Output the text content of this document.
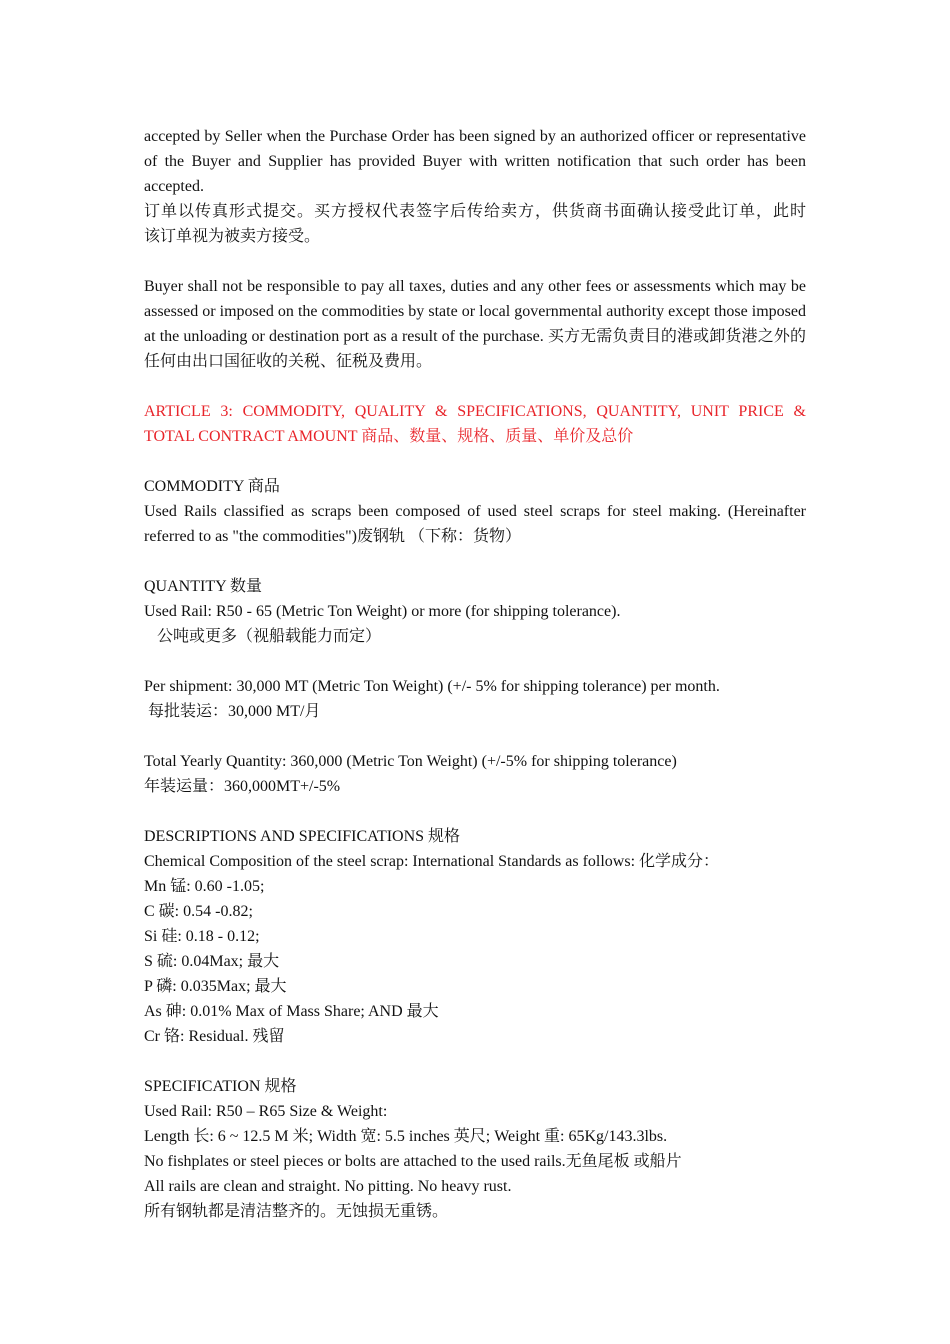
accepted by Seller when the Purchase Order has been signed by an authorized officer or representative of the Buyer and Supplier has provided Buyer with written notification that such order has been accepted.
订单以传真形式提交。买方授权代表签字后传给卖方，供货商书面确认接受此订单，此时
该订单视为被卖方接受。
Buyer shall not be responsible to pay all taxes, duties and any other fees or assessments which may be assessed or imposed on the commodities by state or local governmental authority except those imposed at the unloading or destination port as a result of the purchase. 买方无需负责目的港或卸货港之外的任何由出口国征收的关税、征税及费用。
ARTICLE 3: COMMODITY, QUALITY & SPECIFICATIONS, QUANTITY, UNIT PRICE &
TOTAL CONTRACT AMOUNT 商品、数量、规格、质量、单价及总价
COMMODITY 商品
Used Rails classified as scraps been composed of used steel scraps for steel making. (Hereinafter referred to as "the commodities")废钢轨 （下称：货物）
QUANTITY 数量
Used Rail: R50 - 65 (Metric Ton Weight) or more (for shipping tolerance).
公吨或更多（视船载能力而定）
Per shipment: 30,000 MT (Metric Ton Weight) (+/- 5% for shipping tolerance) per month.
每批装运：30,000 MT/月
Total Yearly Quantity: 360,000 (Metric Ton Weight) (+/-5% for shipping tolerance)
年装运量：360,000MT+/-5%
DESCRIPTIONS AND SPECIFICATIONS 规格
Chemical Composition of the steel scrap: International Standards as follows: 化学成分：
Mn 锰: 0.60 -1.05;
C 碳: 0.54 -0.82;
Si 硅: 0.18 - 0.12;
S 硫: 0.04Max; 最大
P 磷: 0.035Max; 最大
As 砷: 0.01% Max of Mass Share; AND 最大
Cr 铬: Residual. 残留
SPECIFICATION 规格
Used Rail: R50 – R65 Size & Weight:
Length 长: 6 ~ 12.5 M 米; Width 宽: 5.5 inches 英尺; Weight 重: 65Kg/143.3lbs.
No fishplates or steel pieces or bolts are attached to the used rails.无鱼尾板 或船片
All rails are clean and straight. No pitting. No heavy rust.
所有钢轨都是清洁整齐的。无蚀损无重锈。
